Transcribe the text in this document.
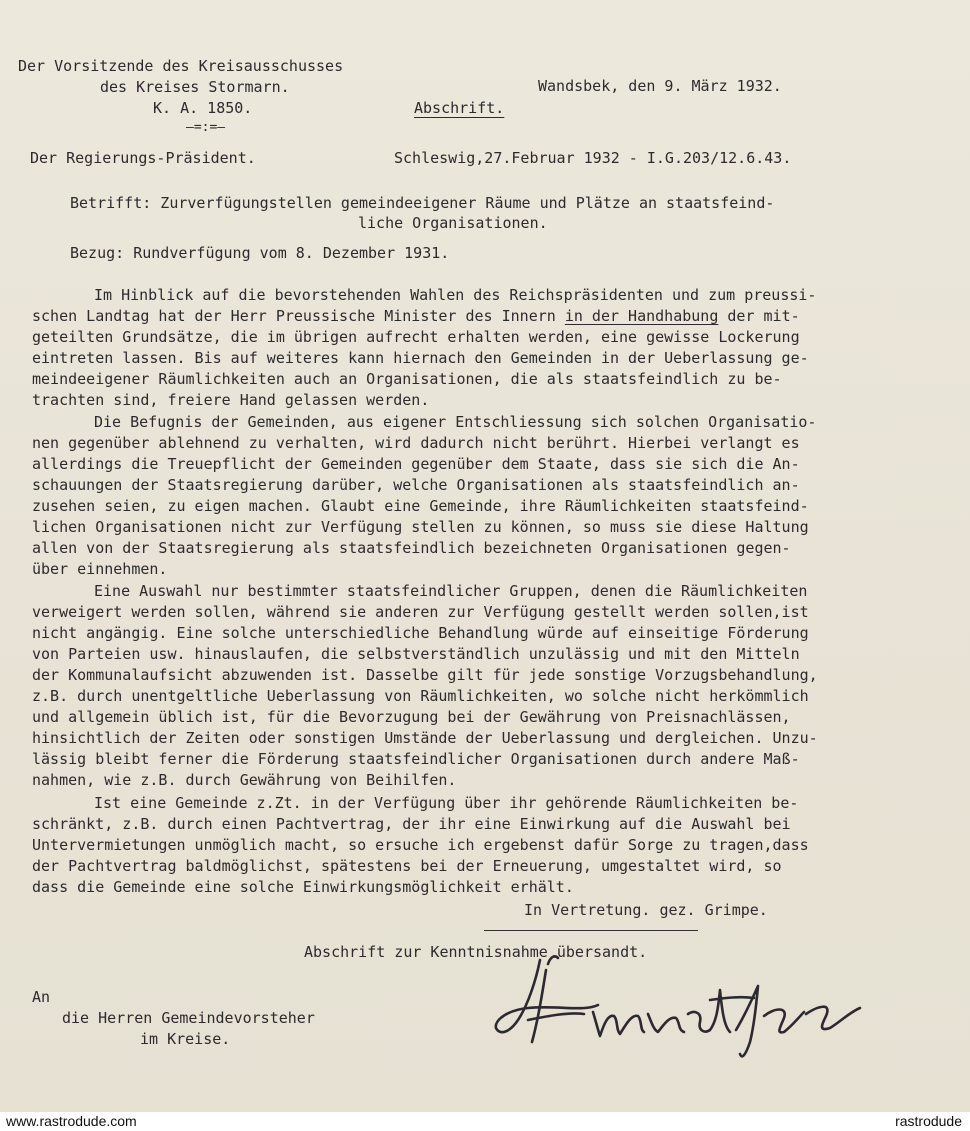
Der Vorsitzende des Kreisausschusses
des Kreises Stormarn.	Wandsbek, den 9. März 1932.
K. A. 1850.	Abschrift.
—=:=—
Der Regierungs-Präsident.	Schleswig,27.Februar 1932 - I.G.203/12.6.43.
Betrifft: Zurverfügungstellen gemeindeeigener Räume und Plätze an staatsfeind-
liche Organisationen.
Bezug: Rundverfügung vom 8. Dezember 1931.
Im Hinblick auf die bevorstehenden Wahlen des Reichspräsidenten und zum preussi-
schen Landtag hat der Herr Preussische Minister des Innern in der Handhabung der mit-
geteilten Grundsätze, die im übrigen aufrecht erhalten werden, eine gewisse Lockerung
eintreten lassen. Bis auf weiteres kann hiernach den Gemeinden in der Ueberlassung ge-
meindeeigener Räumlichkeiten auch an Organisationen, die als staatsfeindlich zu be-
trachten sind, freiere Hand gelassen werden.
Die Befugnis der Gemeinden, aus eigener Entschliessung sich solchen Organisatio-
nen gegenüber ablehnend zu verhalten, wird dadurch nicht berührt. Hierbei verlangt es
allerdings die Treuepflicht der Gemeinden gegenüber dem Staate, dass sie sich die An-
schauungen der Staatsregierung darüber, welche Organisationen als staatsfeindlich an-
zusehen seien, zu eigen machen. Glaubt eine Gemeinde, ihre Räumlichkeiten staatsfeind-
lichen Organisationen nicht zur Verfügung stellen zu können, so muss sie diese Haltung
allen von der Staatsregierung als staatsfeindlich bezeichneten Organisationen gegen-
über einnehmen.
Eine Auswahl nur bestimmter staatsfeindlicher Gruppen, denen die Räumlichkeiten
verweigert werden sollen, während sie anderen zur Verfügung gestellt werden sollen,ist
nicht angängig. Eine solche unterschiedliche Behandlung würde auf einseitige Förderung
von Parteien usw. hinauslaufen, die selbstverständlich unzulässig und mit den Mitteln
der Kommunalaufsicht abzuwenden ist. Dasselbe gilt für jede sonstige Vorzugsbehandlung,
z.B. durch unentgeltliche Ueberlassung von Räumlichkeiten, wo solche nicht herkömmlich
und allgemein üblich ist, für die Bevorzugung bei der Gewährung von Preisnachlässen,
hinsichtlich der Zeiten oder sonstigen Umstände der Ueberlassung und dergleichen. Unzu-
lässig bleibt ferner die Förderung staatsfeindlicher Organisationen durch andere Maß-
nahmen, wie z.B. durch Gewährung von Beihilfen.
Ist eine Gemeinde z.Zt. in der Verfügung über ihr gehörende Räumlichkeiten be-
schränkt, z.B. durch einen Pachtvertrag, der ihr eine Einwirkung auf die Auswahl bei
Untervermietungen unmöglich macht, so ersuche ich ergebenst dafür Sorge zu tragen,dass
der Pachtvertrag baldmöglichst, spätestens bei der Erneuerung, umgestaltet wird, so
dass die Gemeinde eine solche Einwirkungsmöglichkeit erhält.
In Vertretung. gez. Grimpe.
Abschrift zur Kenntnisnahme übersandt.
An
die Herren Gemeindevorsteher
im Kreise.
www.rastrodude.com	rastrodude
